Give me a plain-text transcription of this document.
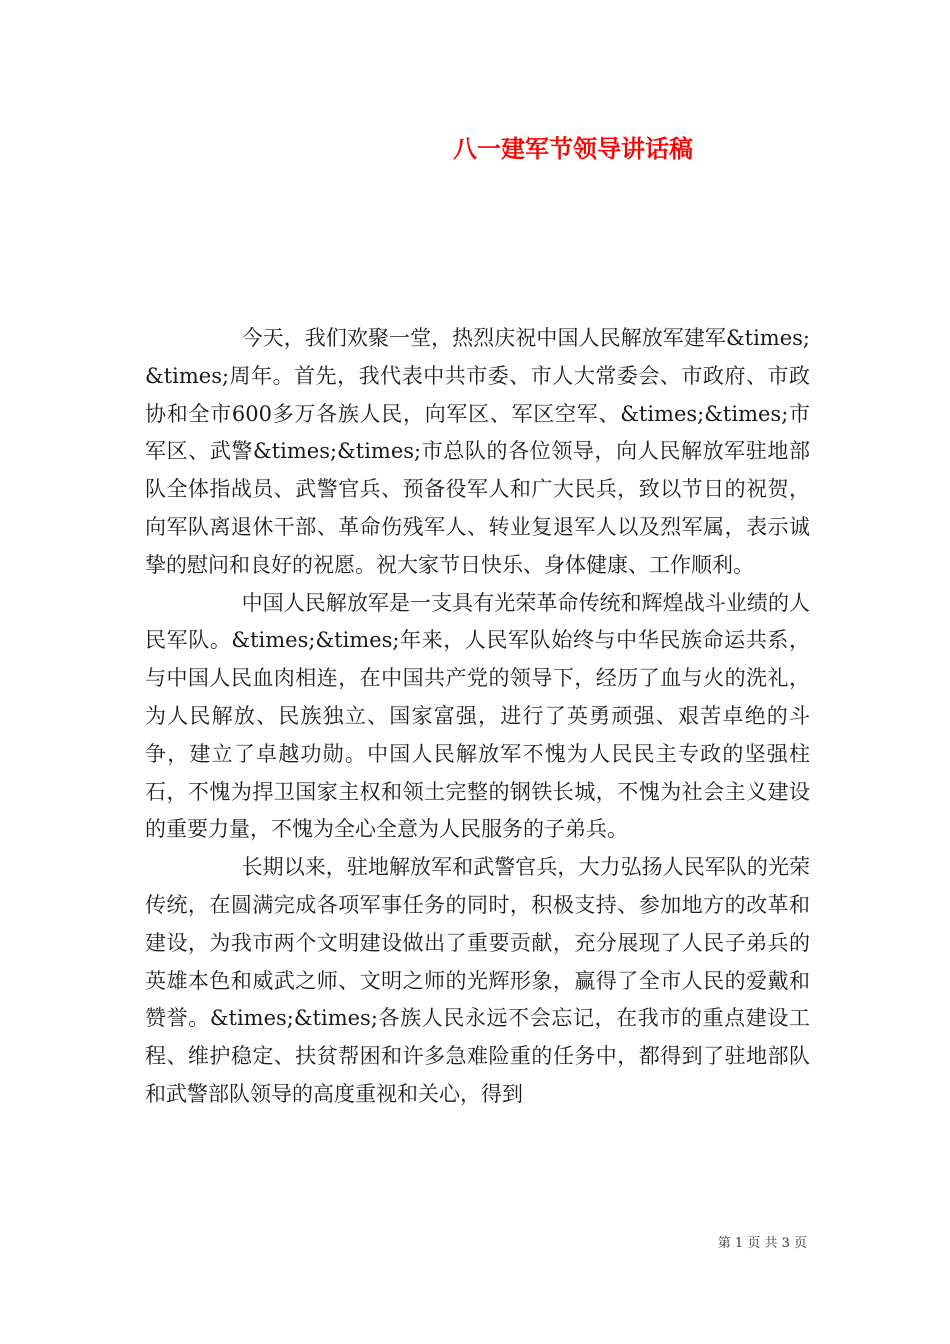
八一建军节领导讲话稿

今天，我们欢聚一堂，热烈庆祝中国人民解放军建军&times;&times;周年。首先，我代表中共市委、市人大常委会、市政府、市政协和全市600多万各族人民，向军区、军区空军、&times;&times;市军区、武警&times;&times;市总队的各位领导，向人民解放军驻地部队全体指战员、武警官兵、预备役军人和广大民兵，致以节日的祝贺，向军队离退休干部、革命伤残军人、转业复退军人以及烈军属，表示诚挚的慰问和良好的祝愿。祝大家节日快乐、身体健康、工作顺利。

中国人民解放军是一支具有光荣革命传统和辉煌战斗业绩的人民军队。&times;&times;年来，人民军队始终与中华民族命运共系，与中国人民血肉相连，在中国共产党的领导下，经历了血与火的洗礼，为人民解放、民族独立、国家富强，进行了英勇顽强、艰苦卓绝的斗争，建立了卓越功勋。中国人民解放军不愧为人民民主专政的坚强柱石，不愧为捍卫国家主权和领土完整的钢铁长城，不愧为社会主义建设的重要力量，不愧为全心全意为人民服务的子弟兵。

长期以来，驻地解放军和武警官兵，大力弘扬人民军队的光荣传统，在圆满完成各项军事任务的同时，积极支持、参加地方的改革和建设，为我市两个文明建设做出了重要贡献，充分展现了人民子弟兵的英雄本色和威武之师、文明之师的光辉形象，赢得了全市人民的爱戴和赞誉。&times;&times;各族人民永远不会忘记，在我市的重点建设工程、维护稳定、扶贫帮困和许多急难险重的任务中，都得到了驻地部队和武警部队领导的高度重视和关心，得到

第 1 页 共 3 页
